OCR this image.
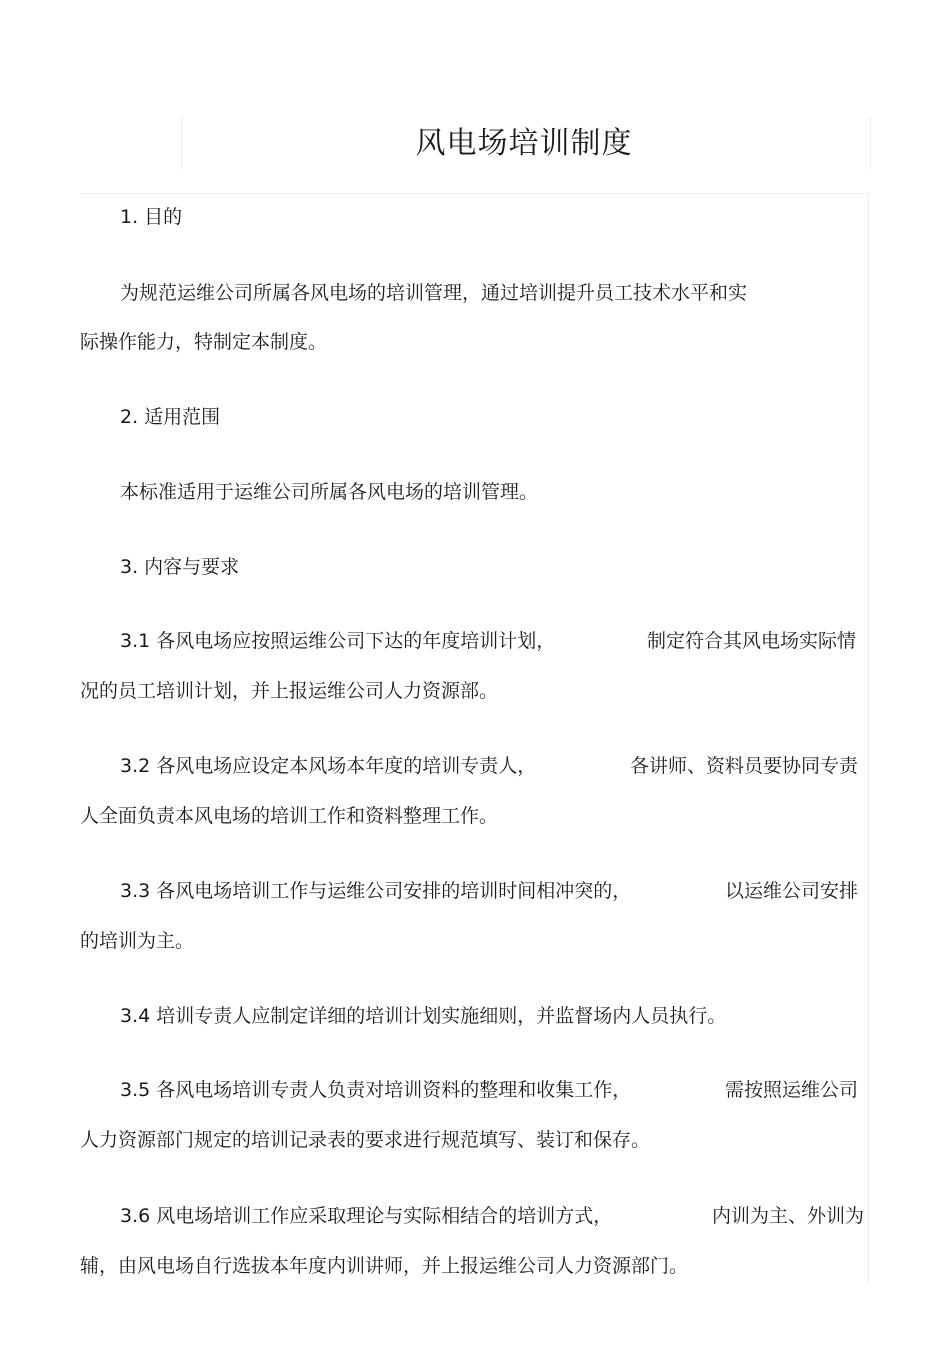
风电场培训制度
1. 目的
为规范运维公司所属各风电场的培训管理，通过培训提升员工技术水平和实
际操作能力，特制定本制度。
2. 适用范围
本标准适用于运维公司所属各风电场的培训管理。
3. 内容与要求
3.1 各风电场应按照运维公司下达的年度培训计划，	制定符合其风电场实际情
况的员工培训计划，并上报运维公司人力资源部。
3.2 各风电场应设定本风场本年度的培训专责人，	各讲师、资料员要协同专责
人全面负责本风电场的培训工作和资料整理工作。
3.3 各风电场培训工作与运维公司安排的培训时间相冲突的，	以运维公司安排
的培训为主。
3.4 培训专责人应制定详细的培训计划实施细则，并监督场内人员执行。
3.5 各风电场培训专责人负责对培训资料的整理和收集工作，	需按照运维公司
人力资源部门规定的培训记录表的要求进行规范填写、装订和保存。
3.6 风电场培训工作应采取理论与实际相结合的培训方式，	内训为主、外训为
辅，由风电场自行选拔本年度内训讲师，并上报运维公司人力资源部门。
